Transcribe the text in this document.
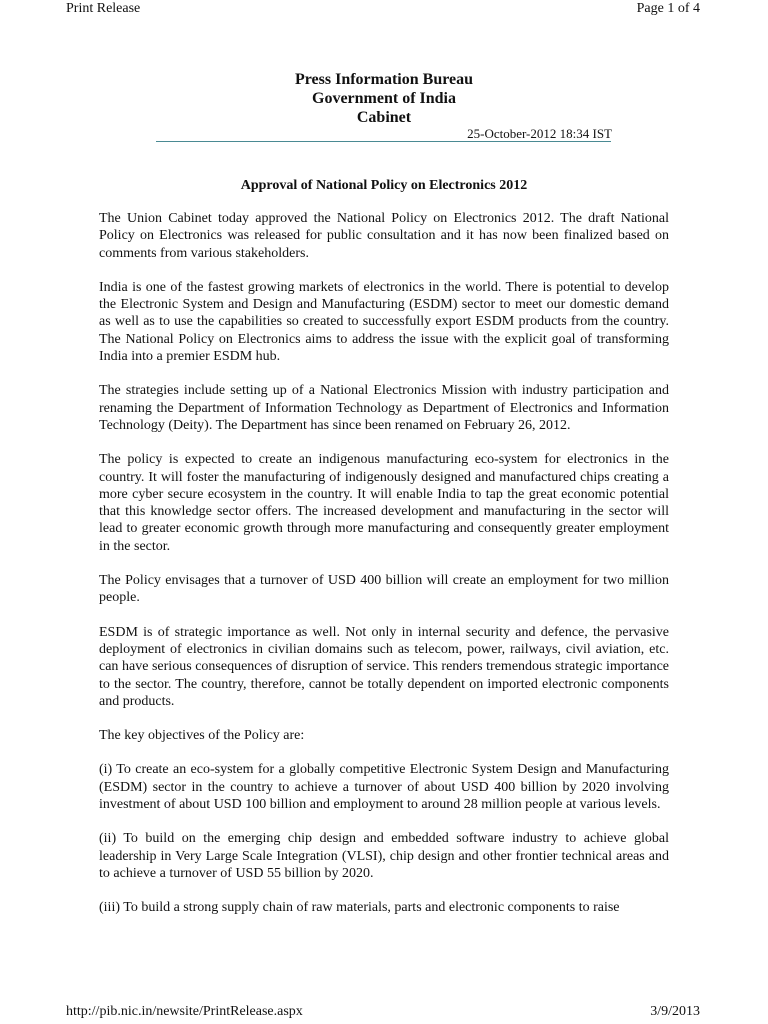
Print Release	Page 1 of 4
Press Information Bureau
Government of India
Cabinet
25-October-2012 18:34 IST
Approval of National Policy on Electronics 2012

The Union Cabinet today approved the National Policy on Electronics 2012. The draft National Policy on Electronics was released for public consultation and it has now been finalized based on comments from various stakeholders.

India is one of the fastest growing markets of electronics in the world. There is potential to develop the Electronic System and Design and Manufacturing (ESDM) sector to meet our domestic demand as well as to use the capabilities so created to successfully export ESDM products from the country. The National Policy on Electronics aims to address the issue with the explicit goal of transforming India into a premier ESDM hub.

The strategies include setting up of a National Electronics Mission with industry participation and renaming the Department of Information Technology as Department of Electronics and Information Technology (Deity). The Department has since been renamed on February 26, 2012.

The policy is expected to create an indigenous manufacturing eco-system for electronics in the country. It will foster the manufacturing of indigenously designed and manufactured chips creating a more cyber secure ecosystem in the country. It will enable India to tap the great economic potential that this knowledge sector offers. The increased development and manufacturing in the sector will lead to greater economic growth through more manufacturing and consequently greater employment in the sector.

The Policy envisages that a turnover of USD 400 billion will create an employment for two million people.

ESDM is of strategic importance as well. Not only in internal security and defence, the pervasive deployment of electronics in civilian domains such as telecom, power, railways, civil aviation, etc. can have serious consequences of disruption of service. This renders tremendous strategic importance to the sector. The country, therefore, cannot be totally dependent on imported electronic components and products.

The key objectives of the Policy are:

(i) To create an eco-system for a globally competitive Electronic System Design and Manufacturing (ESDM) sector in the country to achieve a turnover of about USD 400 billion by 2020 involving investment of about USD 100 billion and employment to around 28 million people at various levels.

(ii) To build on the emerging chip design and embedded software industry to achieve global leadership in Very Large Scale Integration (VLSI), chip design and other frontier technical areas and to achieve a turnover of USD 55 billion by 2020.

(iii) To build a strong supply chain of raw materials, parts and electronic components to raise

http://pib.nic.in/newsite/PrintRelease.aspx	3/9/2013
